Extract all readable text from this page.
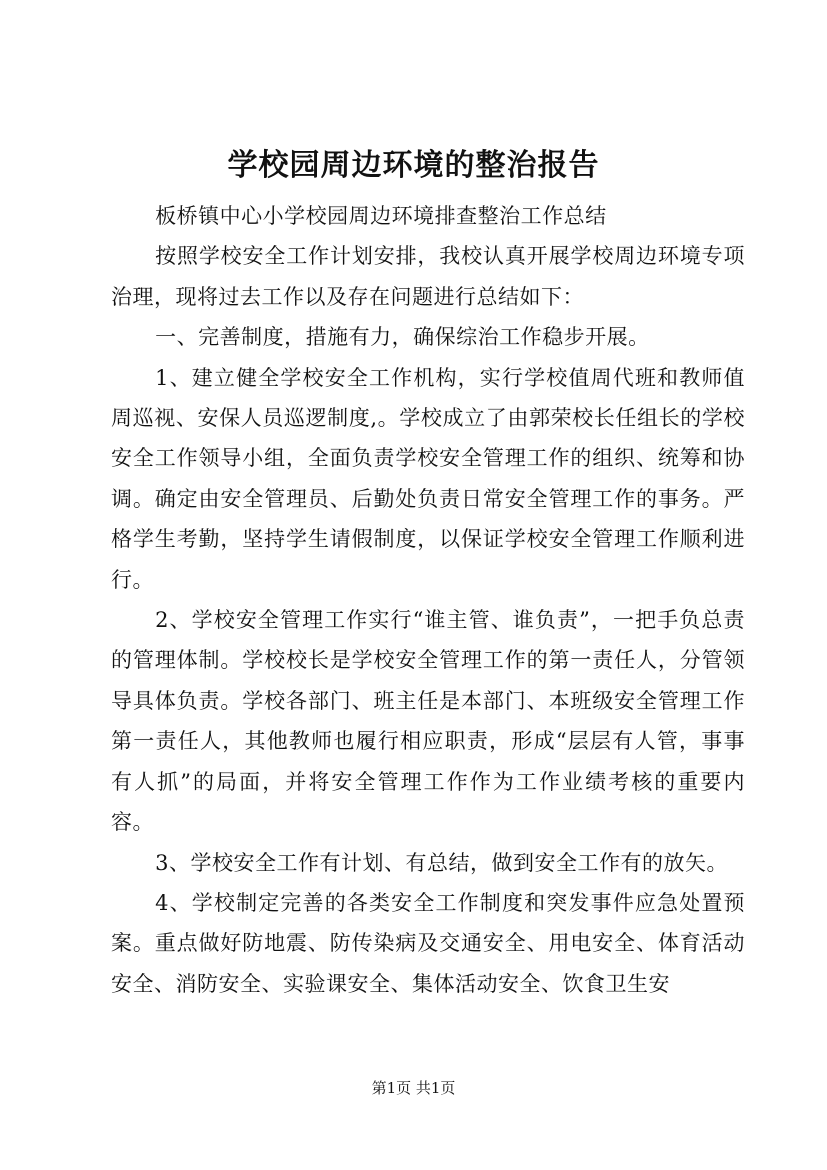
学校园周边环境的整治报告

板桥镇中心小学校园周边环境排查整治工作总结

按照学校安全工作计划安排，我校认真开展学校周边环境专项治理，现将过去工作以及存在问题进行总结如下：

一、完善制度，措施有力，确保综治工作稳步开展。

1、建立健全学校安全工作机构，实行学校值周代班和教师值周巡视、安保人员巡逻制度,。学校成立了由郭荣校长任组长的学校安全工作领导小组，全面负责学校安全管理工作的组织、统筹和协调。确定由安全管理员、后勤处负责日常安全管理工作的事务。严格学生考勤，坚持学生请假制度，以保证学校安全管理工作顺利进行。

2、学校安全管理工作实行“谁主管、谁负责”，一把手负总责的管理体制。学校校长是学校安全管理工作的第一责任人，分管领导具体负责。学校各部门、班主任是本部门、本班级安全管理工作第一责任人，其他教师也履行相应职责，形成“层层有人管，事事有人抓”的局面，并将安全管理工作作为工作业绩考核的重要内容。

3、学校安全工作有计划、有总结，做到安全工作有的放矢。

4、学校制定完善的各类安全工作制度和突发事件应急处置预案。重点做好防地震、防传染病及交通安全、用电安全、体育活动安全、消防安全、实验课安全、集体活动安全、饮食卫生安

第1页 共1页
